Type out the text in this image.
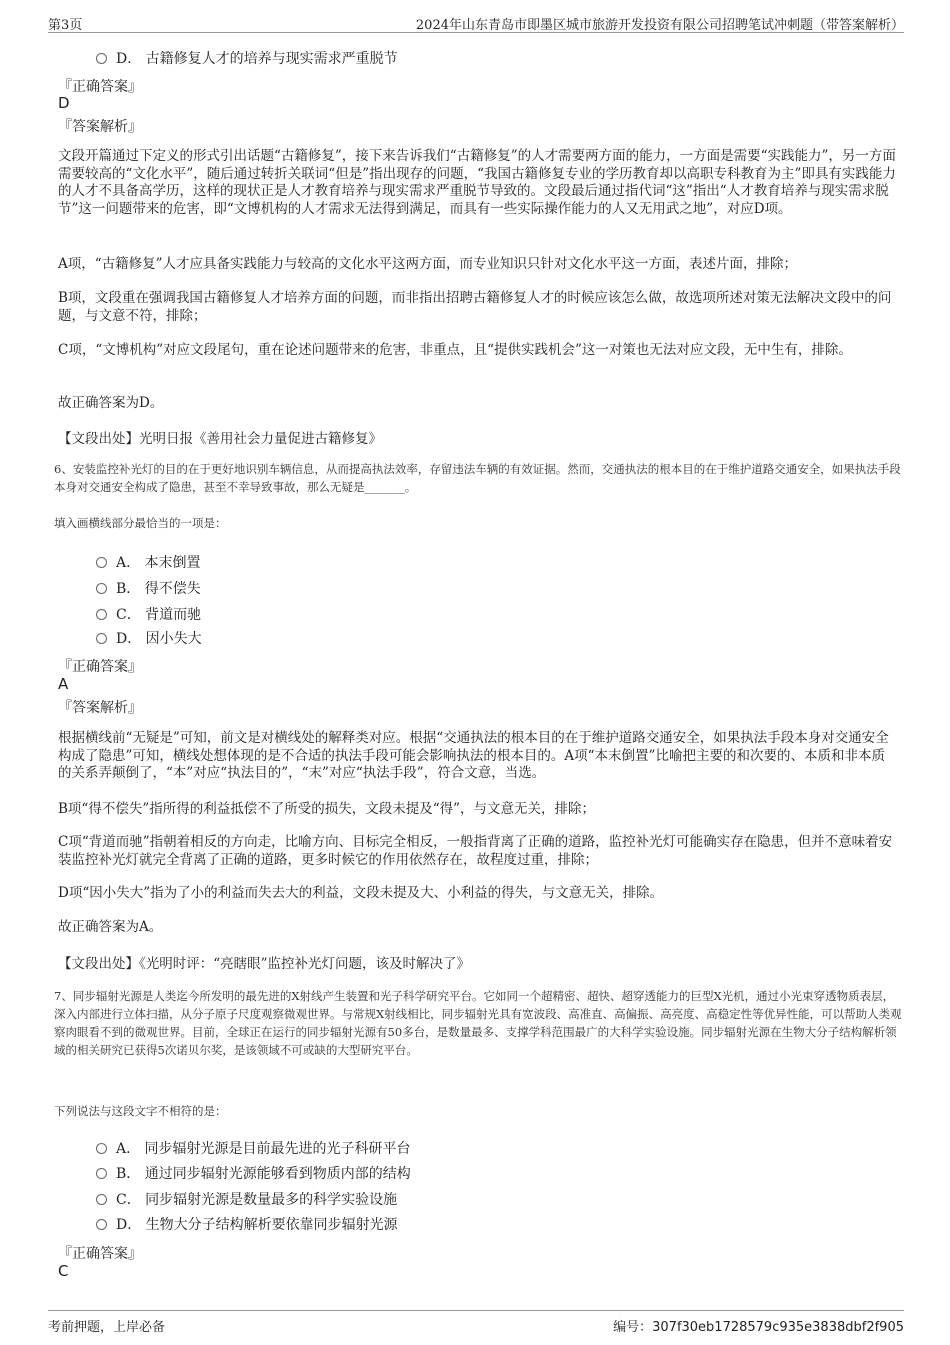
第3页	2024年山东青岛市即墨区城市旅游开发投资有限公司招聘笔试冲刺题（带答案解析）
D． 古籍修复人才的培养与现实需求严重脱节
『正确答案』
D
『答案解析』
文段开篇通过下定义的形式引出话题“古籍修复”，接下来告诉我们“古籍修复”的人才需要两方面的能力，一方面是需要“实践能力”，另一方面需要较高的“文化水平”，随后通过转折关联词“但是”指出现存的问题，“我国古籍修复专业的学历教育却以高职专科教育为主”即具有实践能力的人才不具备高学历，这样的现状正是人才教育培养与现实需求严重脱节导致的。文段最后通过指代词“这”指出“人才教育培养与现实需求脱节”这一问题带来的危害，即“文博机构的人才需求无法得到满足，而具有一些实际操作能力的人又无用武之地”，对应D项。
A项，“古籍修复”人才应具备实践能力与较高的文化水平这两方面，而专业知识只针对文化水平这一方面，表述片面，排除；
B项，文段重在强调我国古籍修复人才培养方面的问题，而非指出招聘古籍修复人才的时候应该怎么做，故选项所述对策无法解决文段中的问题，与文意不符，排除；
C项，“文博机构”对应文段尾句，重在论述问题带来的危害，非重点，且“提供实践机会”这一对策也无法对应文段，无中生有，排除。
故正确答案为D。
【文段出处】光明日报《善用社会力量促进古籍修复》
6、安装监控补光灯的目的在于更好地识别车辆信息，从而提高执法效率，存留违法车辆的有效证据。然而，交通执法的根本目的在于维护道路交通安全，如果执法手段本身对交通安全构成了隐患，甚至不幸导致事故，那么无疑是_______。
填入画横线部分最恰当的一项是：
A． 本末倒置
B． 得不偿失
C． 背道而驰
D． 因小失大
『正确答案』
A
『答案解析』
根据横线前“无疑是”可知，前文是对横线处的解释类对应。根据“交通执法的根本目的在于维护道路交通安全，如果执法手段本身对交通安全构成了隐患”可知，横线处想体现的是不合适的执法手段可能会影响执法的根本目的。A项“本末倒置”比喻把主要的和次要的、本质和非本质的关系弄颠倒了，“本”对应“执法目的”，“末”对应“执法手段”，符合文意，当选。
B项“得不偿失”指所得的利益抵偿不了所受的损失，文段未提及“得”，与文意无关，排除；
C项“背道而驰”指朝着相反的方向走，比喻方向、目标完全相反，一般指背离了正确的道路，监控补光灯可能确实存在隐患，但并不意味着安装监控补光灯就完全背离了正确的道路，更多时候它的作用依然存在，故程度过重，排除；
D项“因小失大”指为了小的利益而失去大的利益，文段未提及大、小利益的得失，与文意无关，排除。
故正确答案为A。
【文段出处】《光明时评：“亮瞎眼”监控补光灯问题，该及时解决了》
7、同步辐射光源是人类迄今所发明的最先进的X射线产生装置和光子科学研究平台。它如同一个超精密、超快、超穿透能力的巨型X光机，通过小光束穿透物质表层，深入内部进行立体扫描，从分子原子尺度观察微观世界。与常规X射线相比，同步辐射光具有宽波段、高准直、高偏振、高亮度、高稳定性等优异性能，可以帮助人类观察肉眼看不到的微观世界。目前，全球正在运行的同步辐射光源有50多台，是数量最多、支撑学科范围最广的大科学实验设施。同步辐射光源在生物大分子结构解析领域的相关研究已获得5次诺贝尔奖，是该领域不可或缺的大型研究平台。
下列说法与这段文字不相符的是：
A． 同步辐射光源是目前最先进的光子科研平台
B． 通过同步辐射光源能够看到物质内部的结构
C． 同步辐射光源是数量最多的科学实验设施
D． 生物大分子结构解析要依靠同步辐射光源
『正确答案』
C
考前押题，上岸必备	编号：307f30eb1728579c935e3838dbf2f905
